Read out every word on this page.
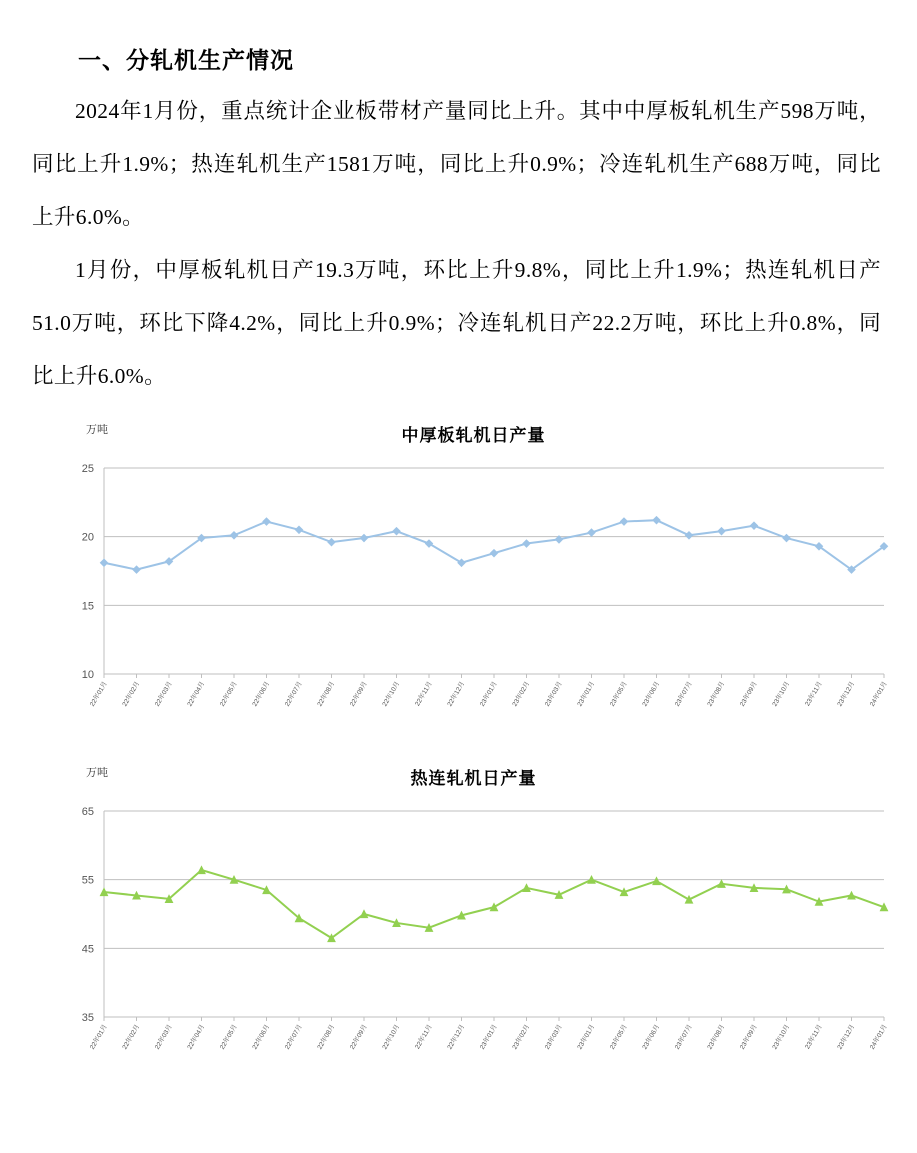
一、分轧机生产情况

2024年1月份，重点统计企业板带材产量同比上升。其中中厚板轧机生产598万吨，同比上升1.9%；热连轧机生产1581万吨，同比上升0.9%；冷连轧机生产688万吨，同比上升6.0%。

1月份，中厚板轧机日产19.3万吨，环比上升9.8%，同比上升1.9%；热连轧机日产51.0万吨，环比下降4.2%，同比上升0.9%；冷连轧机日产22.2万吨，环比上升0.8%，同比上升6.0%。

万吨	中厚板轧机日产量
10
15
20
25
22年01月 22年02月 22年03月 22年04月 22年05月 22年06月 22年07月 22年08月 22年09月 22年10月 22年11月 22年12月 23年01月 23年02月 23年03月 23年01月 23年05月 23年06月 23年07月 23年08月 23年09月 23年10月 23年11月 23年12月 24年01月
万吨	热连轧机日产量
35
45
55
65
22年01月 22年02月 22年03月 22年04月 22年05月 22年06月 22年07月 22年08月 22年09月 22年10月 22年11月 22年12月 23年01月 23年02月 23年03月 23年01月 23年05月 23年06月 23年07月 23年08月 23年09月 23年10月 23年11月 23年12月 24年01月
